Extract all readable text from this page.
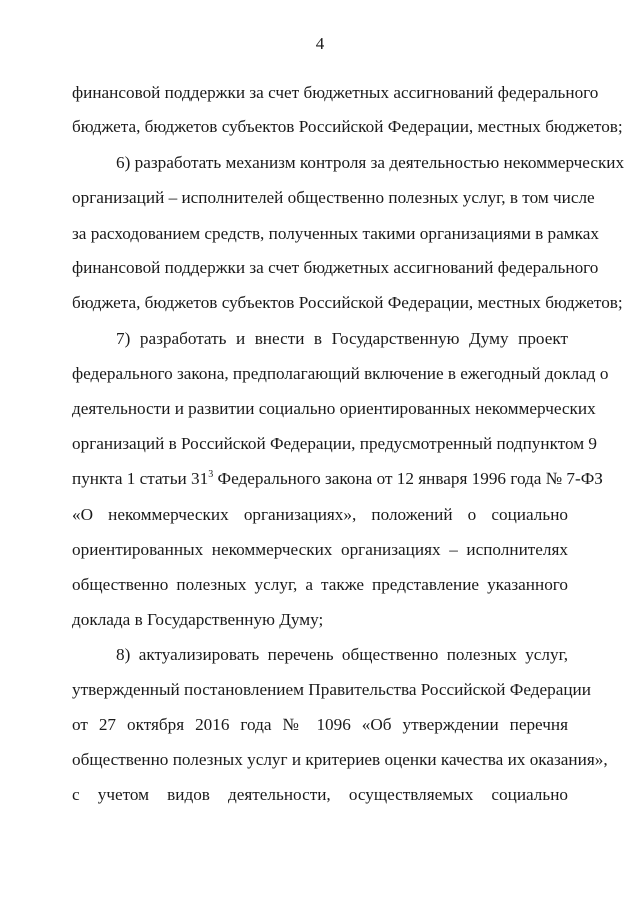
4
финансовой поддержки за счет бюджетных ассигнований федерального
бюджета, бюджетов субъектов Российской Федерации, местных бюджетов;
6) разработать механизм контроля за деятельностью некоммерческих
организаций – исполнителей общественно полезных услуг, в том числе
за расходованием средств, полученных такими организациями в рамках
финансовой поддержки за счет бюджетных ассигнований федерального
бюджета, бюджетов субъектов Российской Федерации, местных бюджетов;
7) разработать и внести в Государственную Думу проект
федерального закона, предполагающий включение в ежегодный доклад о
деятельности и развитии социально ориентированных некоммерческих
организаций в Российской Федерации, предусмотренный подпунктом 9
пункта 1 статьи $31^3$ Федерального закона от 12 января 1996 года № 7-ФЗ
«О некоммерческих организациях», положений о социально
ориентированных некоммерческих организациях – исполнителях
общественно полезных услуг, а также представление указанного
доклада в Государственную Думу;
8) актуализировать перечень общественно полезных услуг,
утвержденный постановлением Правительства Российской Федерации
от 27 октября 2016 года № 1096 «Об утверждении перечня
общественно полезных услуг и критериев оценки качества их оказания»,
с учетом видов деятельности, осуществляемых социально
